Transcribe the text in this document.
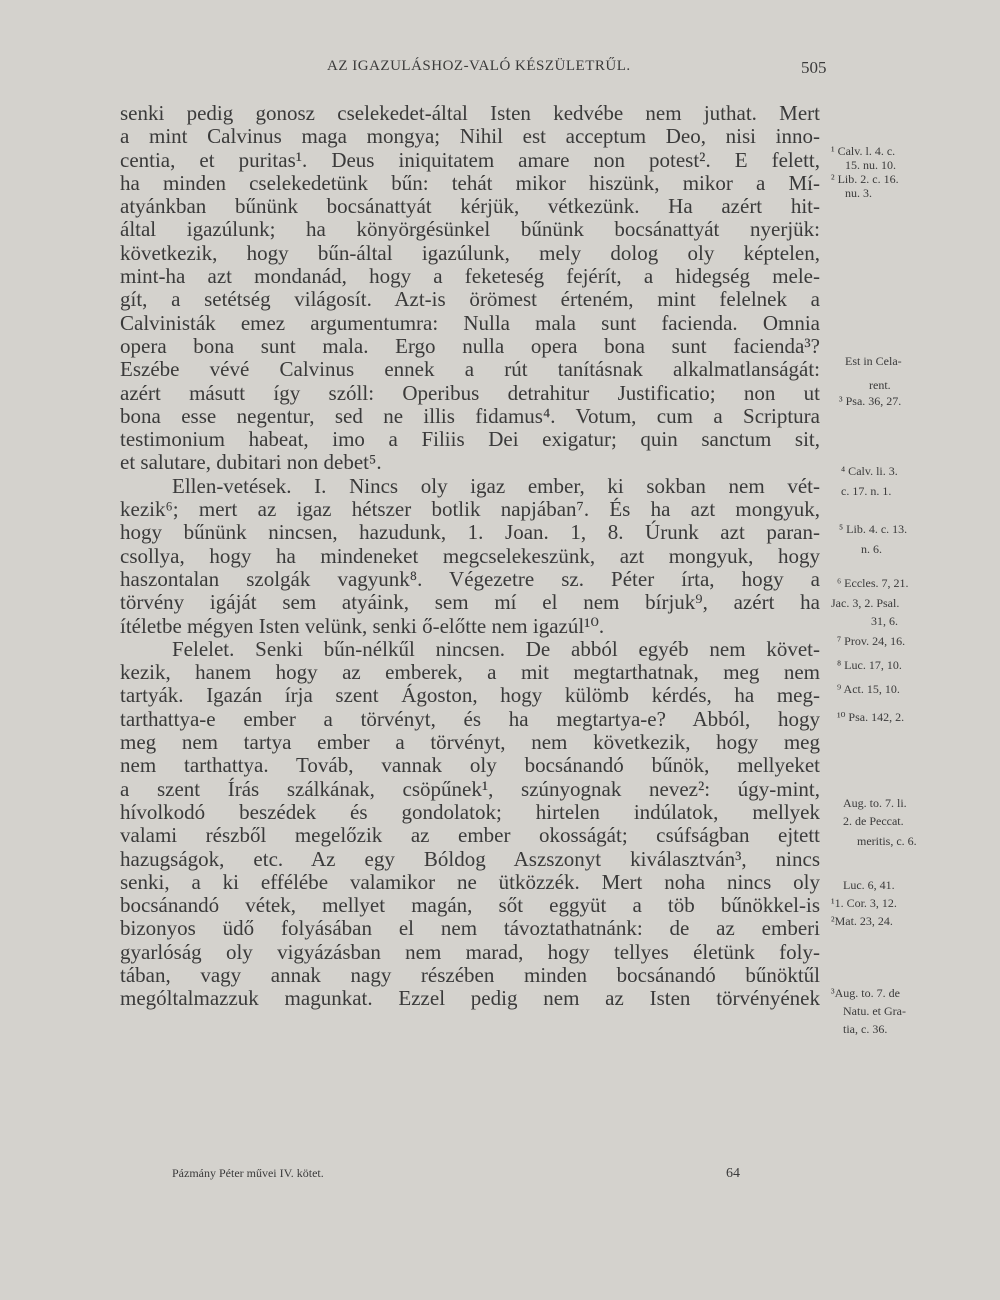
AZ IGAZULÁSHOZ-VALÓ KÉSZÜLETRŰL.	505
senki pedig gonosz cselekedet-által Isten kedvébe nem juthat. Mert
a mint Calvinus maga mongya; Nihil est acceptum Deo, nisi inno-
centia, et puritas¹. Deus iniquitatem amare non potest². E felett,
ha minden cselekedetünk bűn: tehát mikor hiszünk, mikor a Mí-
atyánkban bűnünk bocsánattyát kérjük, vétkezünk. Ha azért hit-
által igazúlunk; ha könyörgésünkel bűnünk bocsánattyát nyerjük:
következik, hogy bűn-által igazúlunk, mely dolog oly képtelen,
mint-ha azt mondanád, hogy a feketeség fejérít, a hidegség mele-
gít, a setétség világosít. Azt-is örömest érteném, mint felelnek a
Calvinisták emez argumentumra: Nulla mala sunt facienda. Omnia
opera bona sunt mala. Ergo nulla opera bona sunt facienda³?
Eszébe vévé Calvinus ennek a rút tanításnak alkalmatlanságát:
azért másutt így szóll: Operibus detrahitur Justificatio; non ut
bona esse negentur, sed ne illis fidamus⁴. Votum, cum a Scriptura
testimonium habeat, imo a Filiis Dei exigatur; quin sanctum sit,
et salutare, dubitari non debet⁵.
Ellen-vetések. I. Nincs oly igaz ember, ki sokban nem vét-
kezik⁶; mert az igaz hétszer botlik napjában⁷. És ha azt mongyuk,
hogy bűnünk nincsen, hazudunk, 1. Joan. 1, 8. Úrunk azt paran-
csollya, hogy ha mindeneket megcselekeszünk, azt mongyuk, hogy
haszontalan szolgák vagyunk⁸. Végezetre sz. Péter írta, hogy a
törvény igáját sem atyáink, sem mí el nem bírjuk⁹, azért ha
ítéletbe mégyen Isten velünk, senki ő-előtte nem igazúl¹⁰.
Felelet. Senki bűn-nélkűl nincsen. De abból egyéb nem követ-
kezik, hanem hogy az emberek, a mit megtarthatnak, meg nem
tartyák. Igazán írja szent Ágoston, hogy külömb kérdés, ha meg-
tarthattya-e ember a törvényt, és ha megtartya-e? Abból, hogy
meg nem tartya ember a törvényt, nem következik, hogy meg
nem tarthattya. Továb, vannak oly bocsánandó bűnök, mellyeket
a szent Írás szálkának, csöpűnek¹, szúnyognak nevez²: úgy-mint,
hívolkodó beszédek és gondolatok; hirtelen indúlatok, mellyek
valami részből megelőzik az ember okosságát; csúfságban ejtett
hazugságok, etc. Az egy Bóldog Aszszonyt kiválasztván³, nincs
senki, a ki effélébe valamikor ne ütközzék. Mert noha nincs oly
bocsánandó vétek, mellyet magán, sőt eggyüt a töb bűnökkel-is
bizonyos üdő folyásában el nem távoztathatnánk: de az emberi
gyarlóság oly vigyázásban nem marad, hogy tellyes életünk foly-
tában, vagy annak nagy részében minden bocsánandó bűnöktűl
mególtalmazzuk magunkat. Ezzel pedig nem az Isten törvényének
¹ Calv. l. 4. c.
15. nu. 10.
² Lib. 2. c. 16.
nu. 3.
Est in Cela-
rent.
³ Psa. 36, 27.
⁴ Calv. li. 3.
c. 17. n. 1.
⁵ Lib. 4. c. 13.
n. 6.
⁶ Eccles. 7, 21.
Jac. 3, 2. Psal.
31, 6.
⁷ Prov. 24, 16.
⁸ Luc. 17, 10.
⁹ Act. 15, 10.
¹⁰ Psa. 142, 2.
Aug. to. 7. li.
2. de Peccat.
meritis, c. 6.
Luc. 6, 41.
¹1. Cor. 3, 12.
²Mat. 23, 24.
³Aug. to. 7. de
Natu. et Gra-
tia, c. 36.
Pázmány Péter művei IV. kötet.	64
